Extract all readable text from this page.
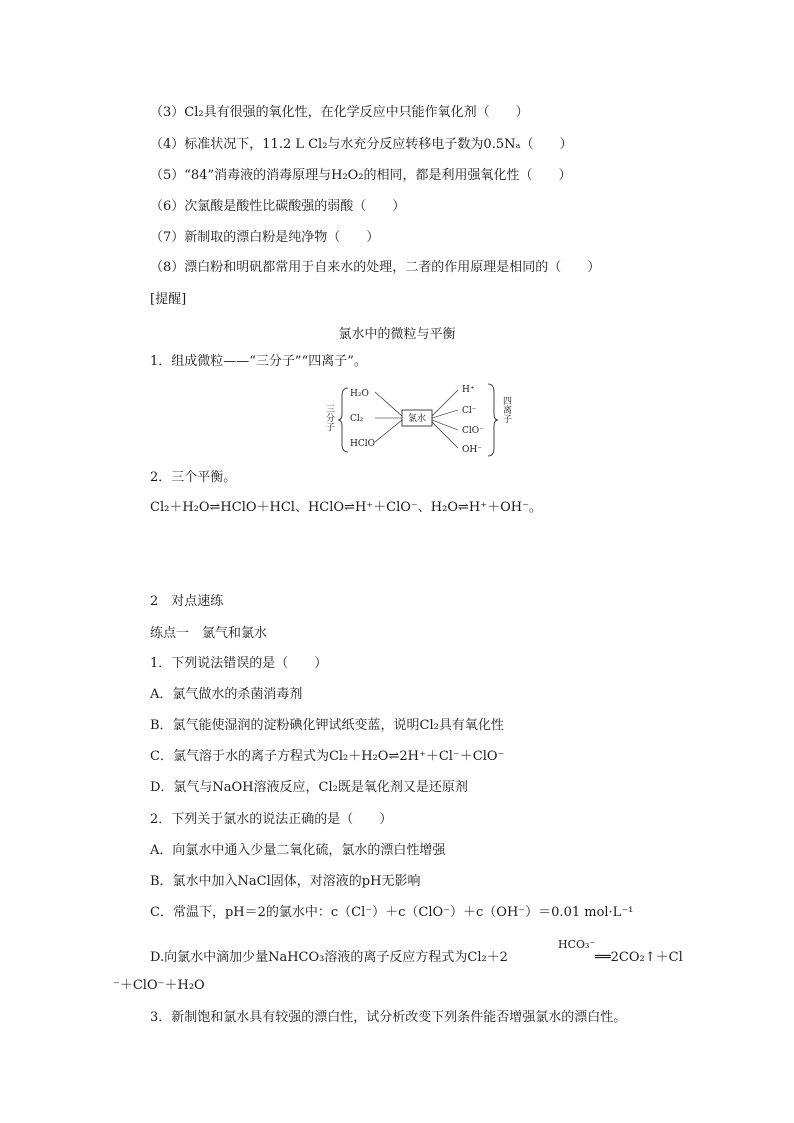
（3）Cl₂具有很强的氧化性，在化学反应中只能作氧化剂（　　）
（4）标准状况下，11.2 L Cl₂与水充分反应转移电子数为0.5Nₐ（　　）
（5）“84”消毒液的消毒原理与H₂O₂的相同，都是利用强氧化性（　　）
（6）次氯酸是酸性比碳酸强的弱酸（　　）
（7）新制取的漂白粉是纯净物（　　）
（8）漂白粉和明矾都常用于自来水的处理，二者的作用原理是相同的（　　）
[提醒]
氯水中的微粒与平衡
1．组成微粒——“三分子”“四离子”。
氯水
H₂O
Cl₂
HClO
H⁺
Cl⁻
ClO⁻
OH⁻
三分子	四离子
2．三个平衡。
Cl₂＋H₂O⇌HClO＋HCl、HClO⇌H⁺＋ClO⁻、H₂O⇌H⁺＋OH⁻。
2　对点速练
练点一　氯气和氯水
1．下列说法错误的是（　　）
A．氯气做水的杀菌消毒剂
B．氯气能使湿润的淀粉碘化钾试纸变蓝，说明Cl₂具有氧化性
C．氯气溶于水的离子方程式为Cl₂＋H₂O⇌2H⁺＋Cl⁻＋ClO⁻
D．氯气与NaOH溶液反应，Cl₂既是氧化剂又是还原剂
2．下列关于氯水的说法正确的是（　　）
A．向氯水中通入少量二氧化硫，氯水的漂白性增强
B．氯水中加入NaCl固体，对溶液的pH无影响
C．常温下，pH＝2的氯水中：c（Cl⁻）＋c（ClO⁻）＋c（OH⁻）＝0.01 mol·L⁻¹
D.向氯水中滴加少量NaHCO₃溶液的离子反应方程式为Cl₂＋2
HCO₃⁻
══2CO₂↑＋Cl
⁻＋ClO⁻＋H₂O
3．新制饱和氯水具有较强的漂白性，试分析改变下列条件能否增强氯水的漂白性。
